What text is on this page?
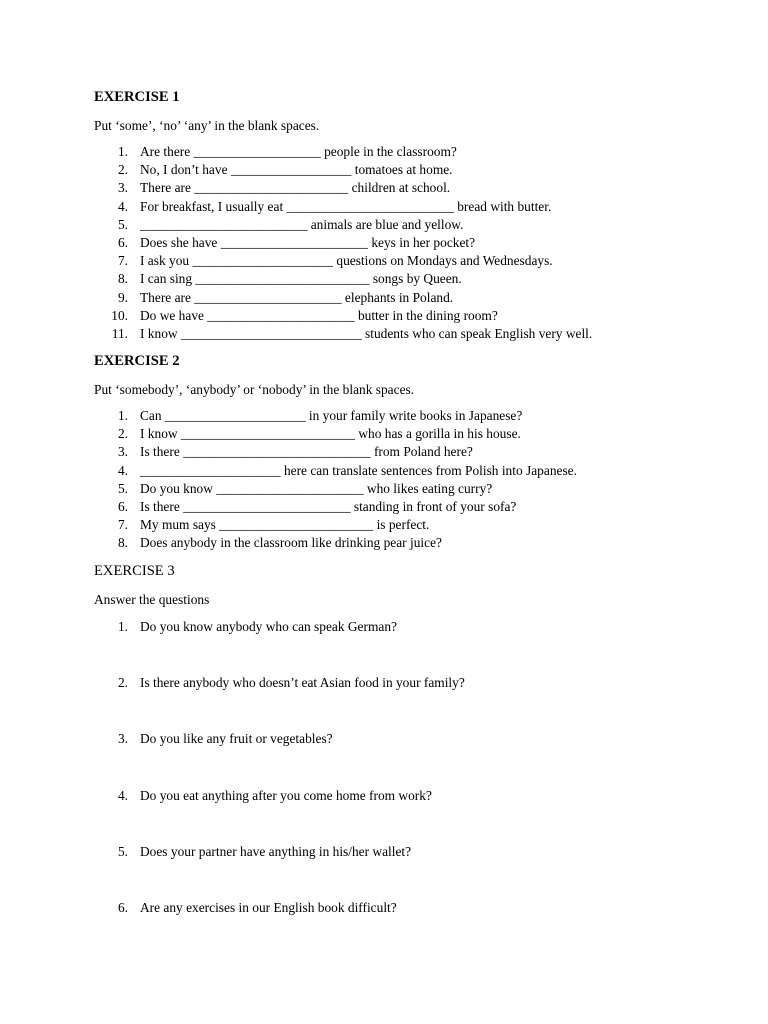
EXERCISE 1

Put ‘some’, ‘no’ ‘any’ in the blank spaces.

1. Are there ___________________ people in the classroom?
2. No, I don’t have __________________ tomatoes at home.
3. There are _______________________ children at school.
4. For breakfast, I usually eat _________________________ bread with butter.
5. _________________________ animals are blue and yellow.
6. Does she have ______________________ keys in her pocket?
7. I ask you _____________________ questions on Mondays and Wednesdays.
8. I can sing __________________________ songs by Queen.
9. There are ______________________ elephants in Poland.
10. Do we have ______________________ butter in the dining room?
11. I know ___________________________ students who can speak English very well.
EXERCISE 2

Put ‘somebody’, ‘anybody’ or ‘nobody’ in the blank spaces.

1. Can _____________________ in your family write books in Japanese?
2. I know __________________________ who has a gorilla in his house.
3. Is there ____________________________ from Poland here?
4. _____________________ here can translate sentences from Polish into Japanese.
5. Do you know ______________________ who likes eating curry?
6. Is there _________________________ standing in front of your sofa?
7. My mum says _______________________ is perfect.
8. Does anybody in the classroom like drinking pear juice?
EXERCISE 3

Answer the questions

1. Do you know anybody who can speak German?
2. Is there anybody who doesn’t eat Asian food in your family?
3. Do you like any fruit or vegetables?
4. Do you eat anything after you come home from work?
5. Does your partner have anything in his/her wallet?
6. Are any exercises in our English book difficult?
